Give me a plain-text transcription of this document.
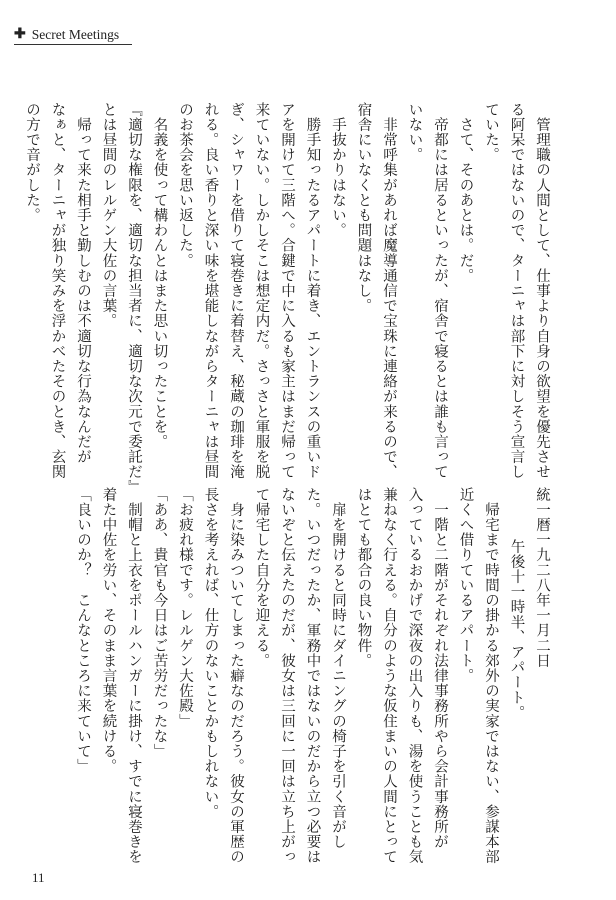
✚ Secret Meetings

　管理職の人間として、仕事より自身の欲望を優先させ

る阿呆ではないので、ターニャは部下に対しそう宣言し

ていた。

　さて、そのあとは。だ。

　帝都には居るといったが、宿舎で寝るとは誰も言って

いない。

　非常呼集があれば魔導通信で宝珠に連絡が来るので、

宿舎にいなくとも問題はなし。

　手抜かりはない。

　勝手知ったるアパートに着き、エントランスの重いド

アを開けて三階へ。合鍵で中に入るも家主はまだ帰って

来ていない。しかしそこは想定内だ。さっさと軍服を脱

ぎ、シャワーを借りて寝巻きに着替え、秘蔵の珈琲を淹

れる。良い香りと深い味を堪能しながらターニャは昼間

のお茶会を思い返した。

　名義を使って構わんとはまた思い切ったことを。

『適切な権限を、適切な担当者に、適切な次元で委託だ』

とは昼間のレルゲン大佐の言葉。

　帰って来た相手と勤しむのは不適切な行為なんだが

なぁと、ターニャが独り笑みを浮かべたそのとき、玄関

の方で音がした。

統一暦一九二八年一月二日

午後十一時半、アパート。

　帰宅まで時間の掛かる郊外の実家ではない、参謀本部

近くへ借りているアパート。

　一階と二階がそれぞれ法律事務所やら会計事務所が

入っているおかげで深夜の出入りも、湯を使うことも気

兼ねなく行える。自分のような仮住まいの人間にとって

はとても都合の良い物件。

　扉を開けると同時にダイニングの椅子を引く音がし

た。いつだったか、軍務中ではないのだから立つ必要は

ないぞと伝えたのだが、彼女は三回に一回は立ち上がっ

て帰宅した自分を迎える。

　身に染みついてしまった癖なのだろう。彼女の軍歴の

長さを考えれば、仕方のないことかもしれない。

「お疲れ様です。レルゲン大佐殿」

「ああ、貴官も今日はご苦労だったな」

　制帽と上衣をポールハンガーに掛け、すでに寝巻きを

着た中佐を労い、そのまま言葉を続ける。

「良いのか？　こんなところに来ていて」

11
